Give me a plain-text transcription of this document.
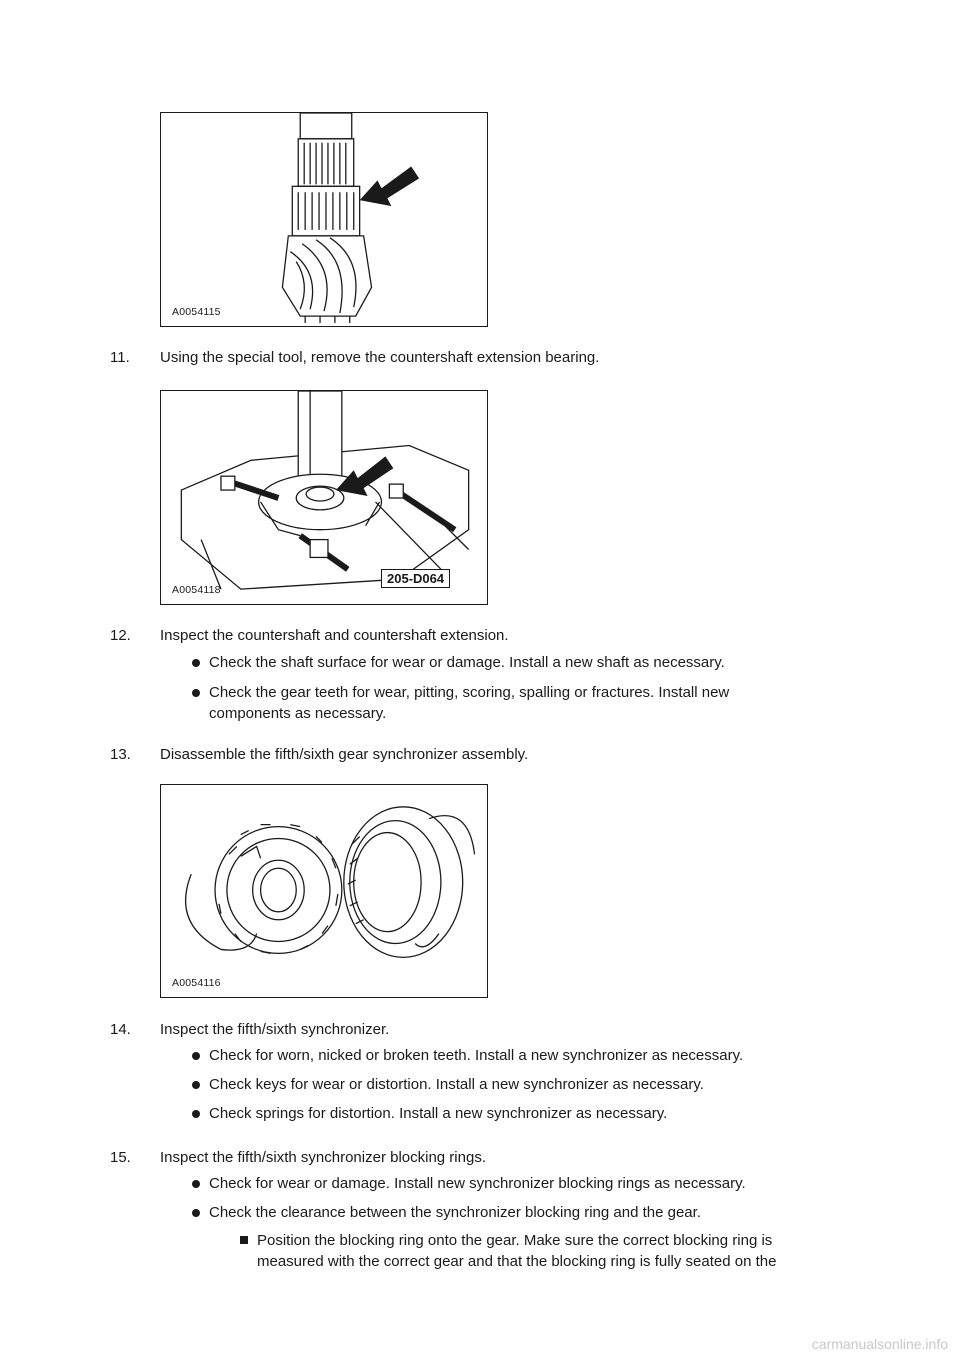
A0054115
11.	Using the special tool, remove the countershaft extension bearing.
A0054118
205-D064
12.	Inspect the countershaft and countershaft extension.
Check the shaft surface for wear or damage. Install a new shaft as necessary.
Check the gear teeth for wear, pitting, scoring, spalling or fractures. Install new components as necessary.
13.	Disassemble the fifth/sixth gear synchronizer assembly.
A0054116
14.	Inspect the fifth/sixth synchronizer.
Check for worn, nicked or broken teeth. Install a new synchronizer as necessary.
Check keys for wear or distortion. Install a new synchronizer as necessary.
Check springs for distortion. Install a new synchronizer as necessary.
15.	Inspect the fifth/sixth synchronizer blocking rings.
Check for wear or damage. Install new synchronizer blocking rings as necessary.
Check the clearance between the synchronizer blocking ring and the gear.
Position the blocking ring onto the gear. Make sure the correct blocking ring is measured with the correct gear and that the blocking ring is fully seated on the
carmanualsonline.info
